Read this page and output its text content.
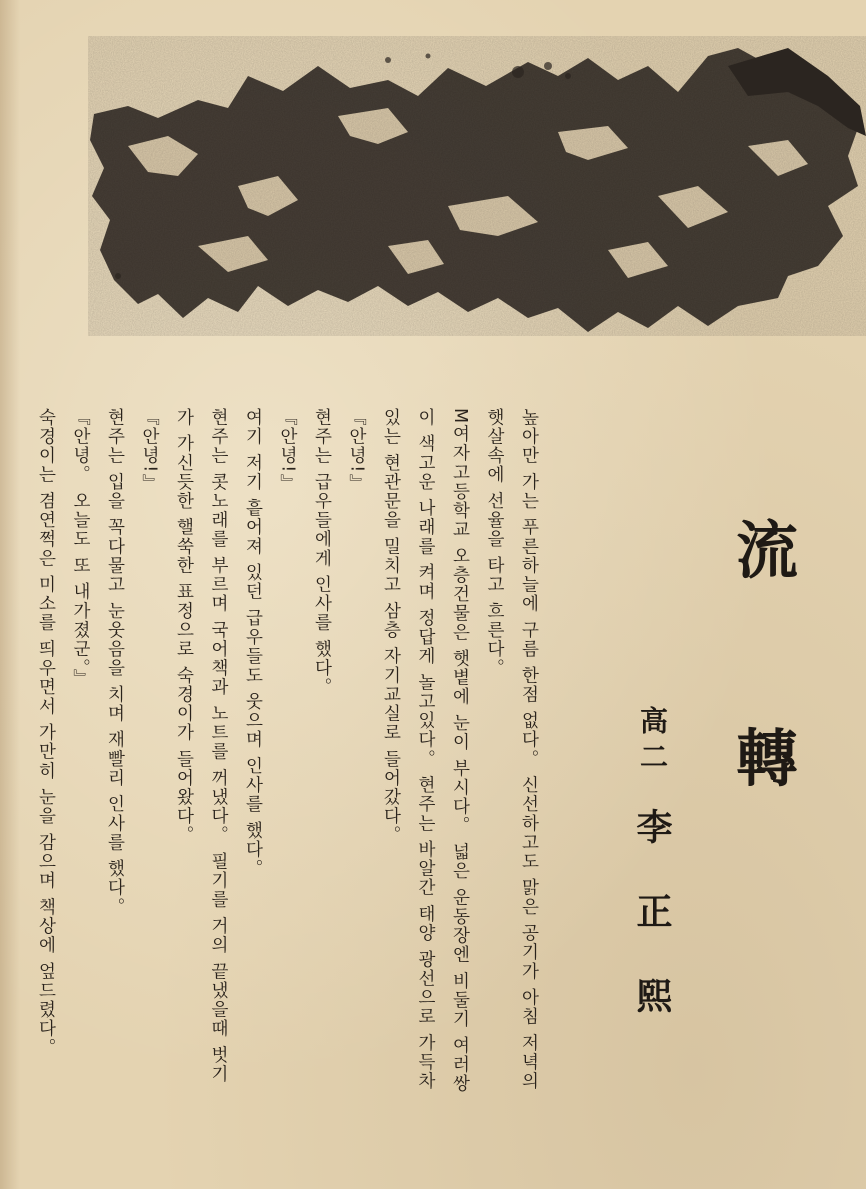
流
轉
高二李 正 熙

높아만 가는 푸른하늘에 구름 한점 없다。 신선하고도 맑은 공기가 아침 저녁의

햇살속에 선율을 타고 흐른다。

M여자고등학교 오층건물은 햇볕에 눈이 부시다。 넓은 운동장엔 비둘기 여러쌍

이 색고운 나래를 켜며 정답게 놀고있다。 현주는 바알간 태양 광선으로 가득차

있는 현관문을 밀치고 삼층 자기교실로 들어갔다。

『안녕!』

현주는 급우들에게 인사를 했다。

『안녕!』

여기 저기 흩어져 있던 급우들도 웃으며 인사를 했다。

현주는 콧노래를 부르며 국어책과 노트를 꺼냈다。 필기를 거의 끝냈을때 벗기

가 가신듯한 핼쑥한 표정으로 숙경이가 들어왔다。

『안녕!』

현주는 입을 꼭다물고 눈웃음을 치며 재빨리 인사를 했다。

『안녕。 오늘도 또 내가졌군。』

숙경이는 겸연쩍은 미소를 띄우면서 가만히 눈을 감으며 책상에 엎드렸다。
